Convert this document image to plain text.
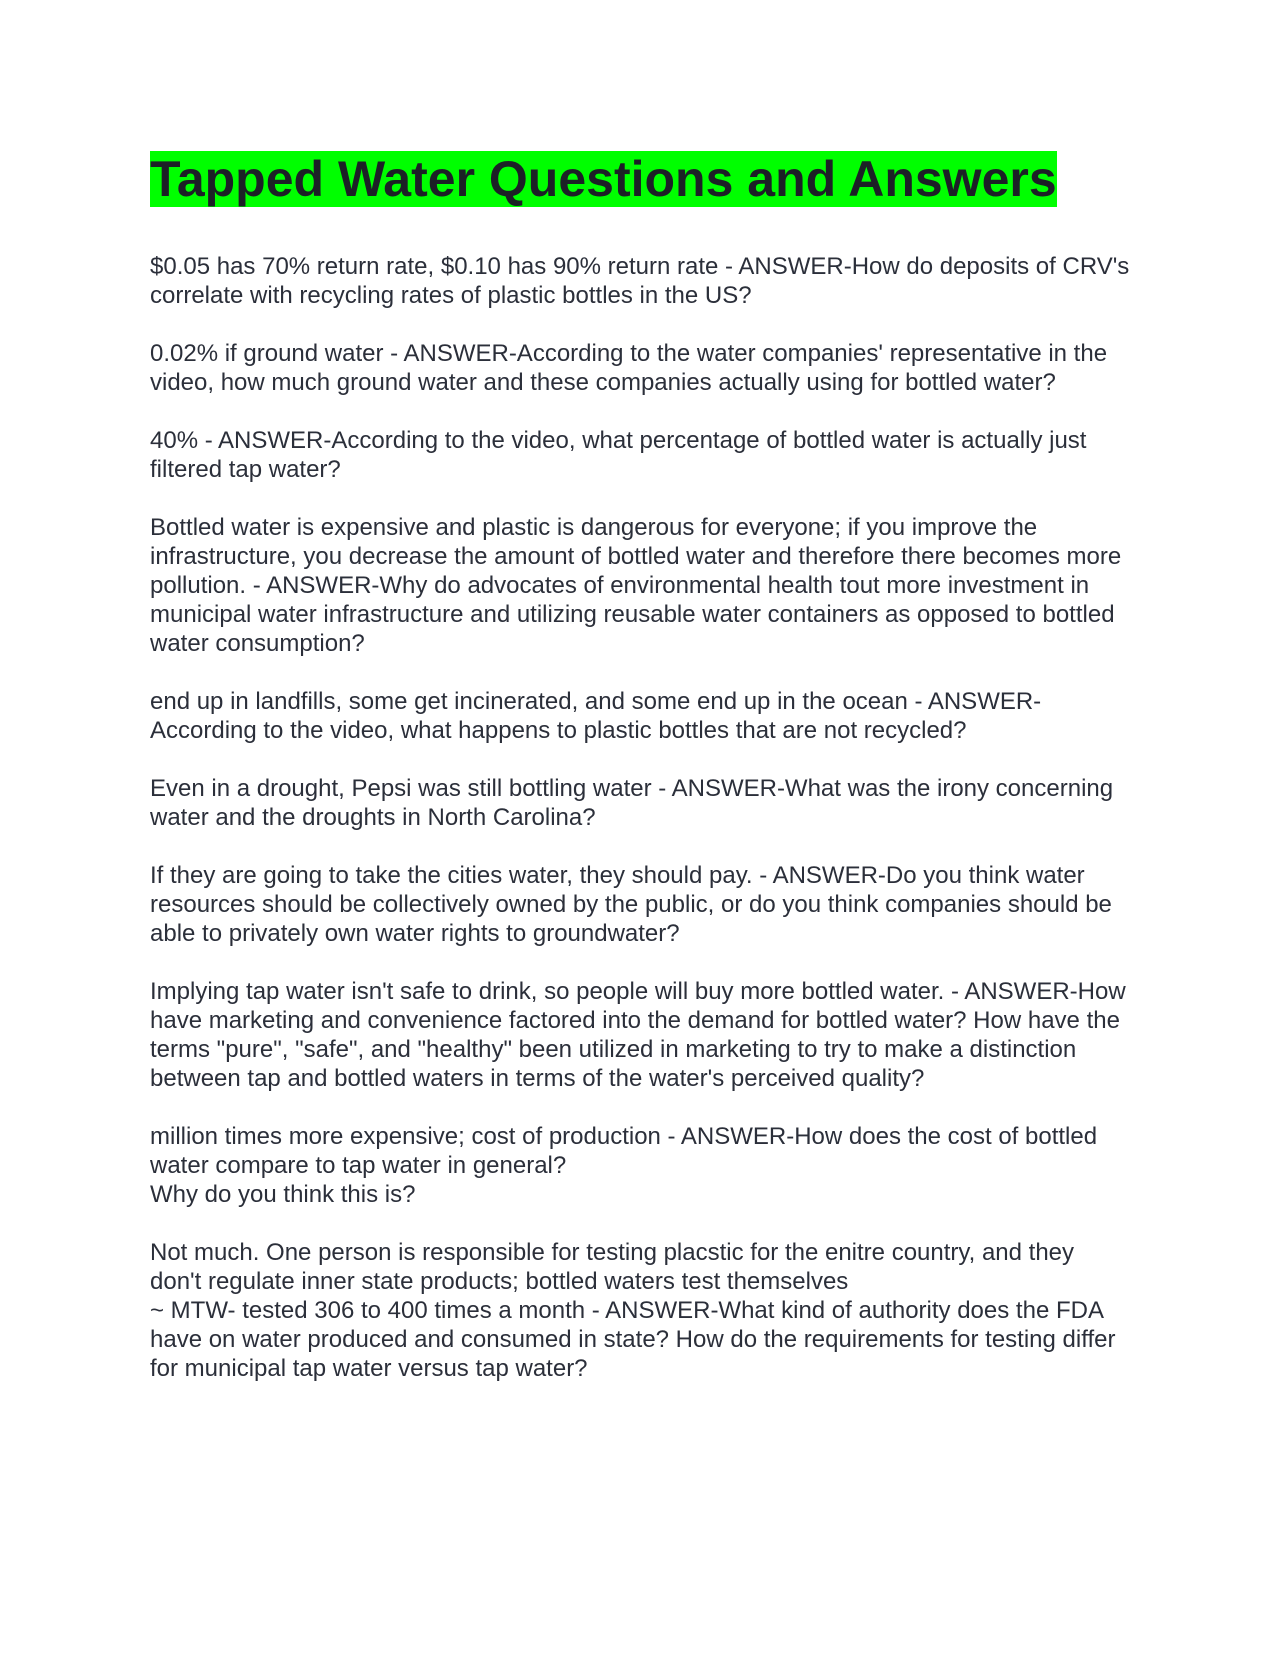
Tapped Water Questions and Answers

$0.05 has 70% return rate, $0.10 has 90% return rate - ANSWER-How do deposits of CRV's correlate with recycling rates of plastic bottles in the US?

0.02% if ground water - ANSWER-According to the water companies' representative in the video, how much ground water and these companies actually using for bottled water?

40% - ANSWER-According to the video, what percentage of bottled water is actually just filtered tap water?

Bottled water is expensive and plastic is dangerous for everyone; if you improve the infrastructure, you decrease the amount of bottled water and therefore there becomes more pollution. - ANSWER-Why do advocates of environmental health tout more investment in municipal water infrastructure and utilizing reusable water containers as opposed to bottled water consumption?

end up in landfills, some get incinerated, and some end up in the ocean - ANSWER-According to the video, what happens to plastic bottles that are not recycled?

Even in a drought, Pepsi was still bottling water - ANSWER-What was the irony concerning water and the droughts in North Carolina?

If they are going to take the cities water, they should pay. - ANSWER-Do you think water resources should be collectively owned by the public, or do you think companies should be able to privately own water rights to groundwater?

Implying tap water isn't safe to drink, so people will buy more bottled water. - ANSWER-How have marketing and convenience factored into the demand for bottled water? How have the terms "pure", "safe", and "healthy" been utilized in marketing to try to make a distinction between tap and bottled waters in terms of the water's perceived quality?

million times more expensive; cost of production - ANSWER-How does the cost of bottled water compare to tap water in general?
Why do you think this is?

Not much. One person is responsible for testing placstic for the enitre country, and they don't regulate inner state products; bottled waters test themselves
~ MTW- tested 306 to 400 times a month - ANSWER-What kind of authority does the FDA have on water produced and consumed in state? How do the requirements for testing differ for municipal tap water versus tap water?
